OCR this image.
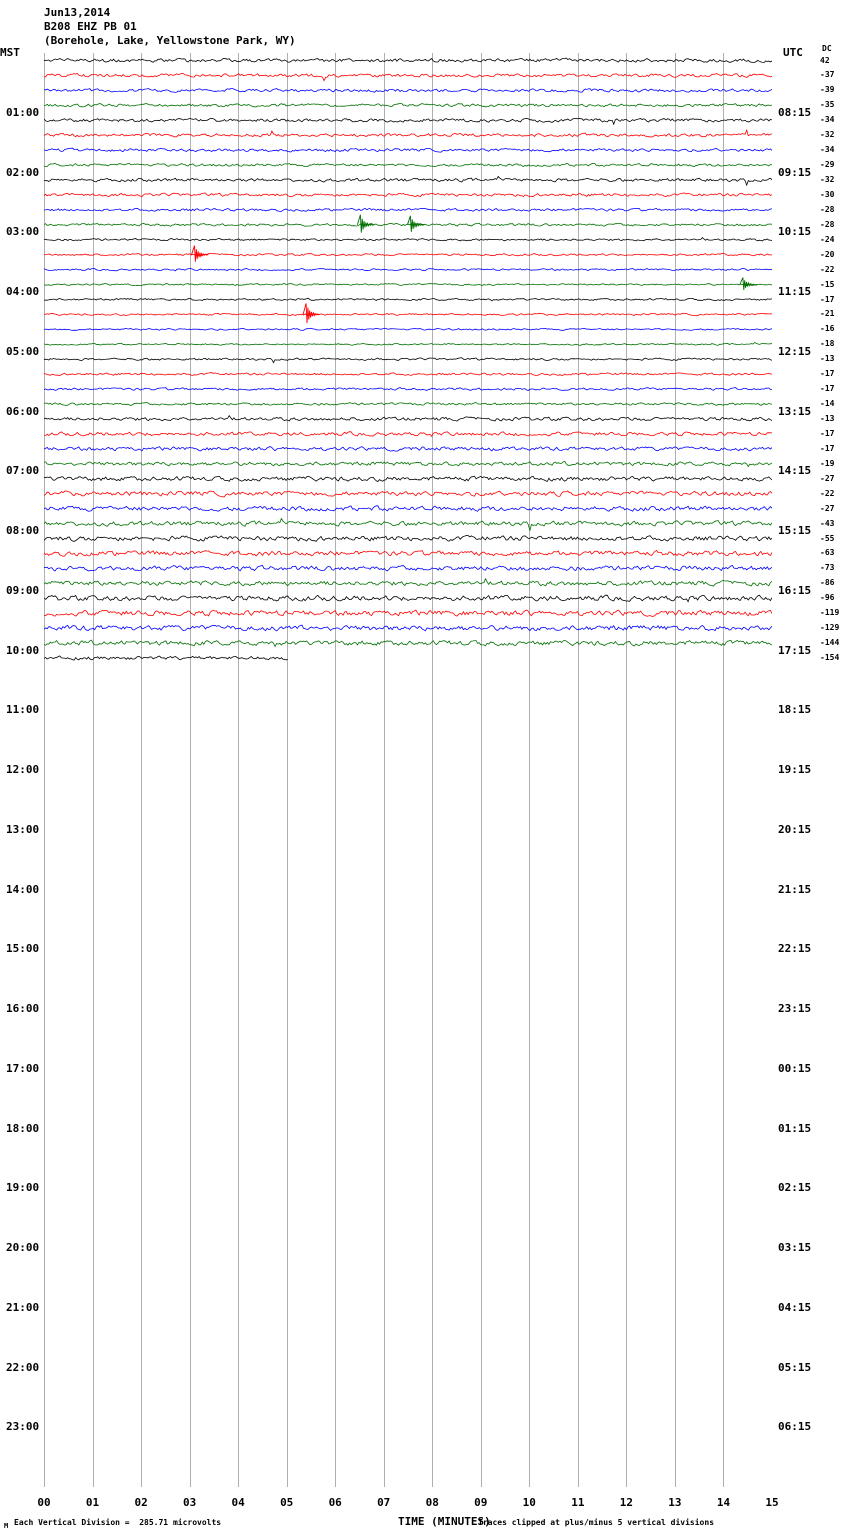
Jun13,2014
B208 EHZ PB 01
(Borehole, Lake, Yellowstone Park, WY)
MST	UTC DC
01:00	08:15
02:00	09:15
03:00	10:15
04:00	11:15
05:00	12:15
06:00	13:15
07:00	14:15
08:00	15:15
09:00	16:15
10:00	17:15
11:00	18:15
12:00	19:15
13:00	20:15
14:00	21:15
15:00	22:15
16:00	23:15
17:00	00:15
18:00	01:15
19:00	02:15
20:00	03:15
21:00	04:15
22:00	05:15
23:00	06:15
42
-37
-39
-35
-34
-32
-34
-29
-32
-30
-28
-28
-24
-20
-22
-15
-17
-21
-16
-18
-13
-17
-17
-14
-13
-17
-17
-19
-27
-22
-27
-43
-55
-63
-73
-86
-96
-119
-129
-144
-154
00	01	02	03	04	05	06	07	08	09	10	11	12	13	14	15
M Each Vertical Division =  285.71 microvolts	TIME (MINUTES)
Traces clipped at plus/minus 5 vertical divisions
